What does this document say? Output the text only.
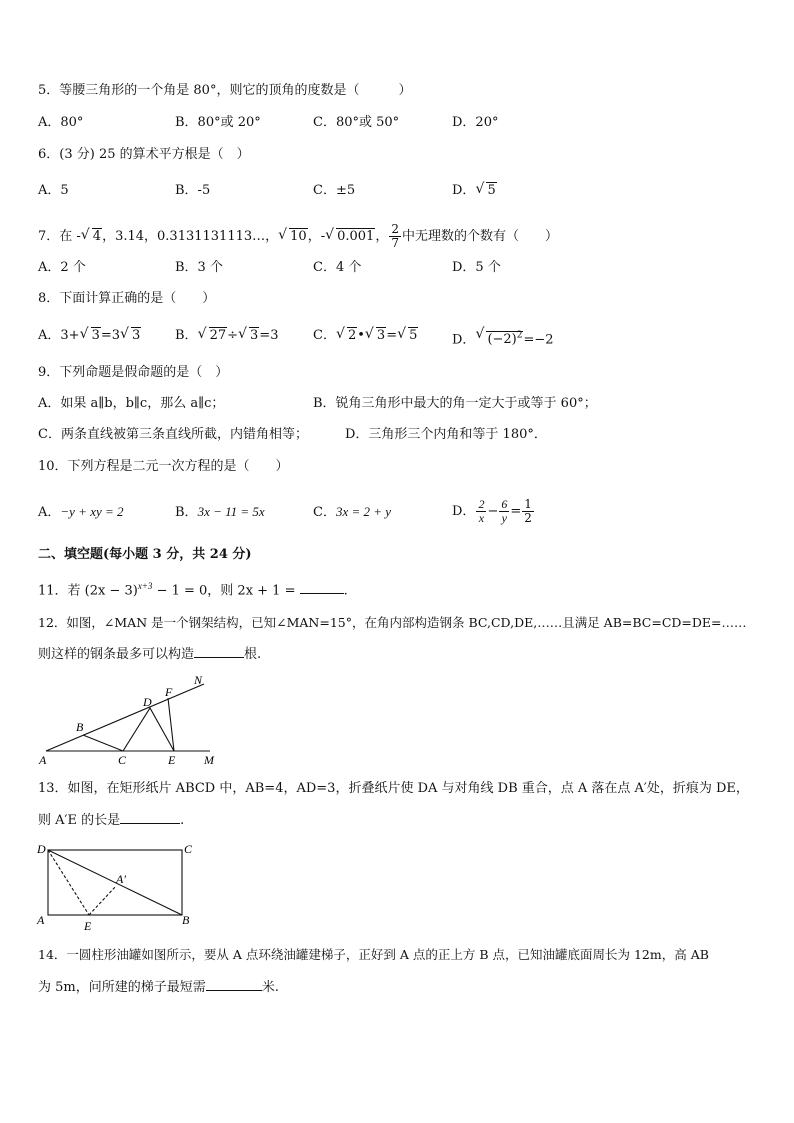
5．等腰三角形的一个角是 80°，则它的顶角的度数是（　　　）
A．80°	B．80°或 20°	C．80°或 50°	D．20°
6．(3 分) 25 的算术平方根是（　）
A．5	B．-5	C．±5	D． √ 5
7．在 - √ 4，3.14，0.3131131113…， √ 10，- √ 0.001， $\frac{2}{7}$ 中无理数的个数有（　　）
A．2 个	B．3 个	C．4 个	D．5 个
8．下面计算正确的是（　　）
A．3+ √ 3=3 √ 3	B． √ 27÷ √ 3=3	C． √ 2• √ 3= √ 5	D． √ $(-2)^2=-2$
9．下列命题是假命题的是（　）
A．如果 a∥b，b∥c，那么 a∥c；	B．锐角三角形中最大的角一定大于或等于 60°；
C．两条直线被第三条直线所截，内错角相等；	D．三角形三个内角和等于 180°．
10．下列方程是二元一次方程的是（　　）
A．−y + xy = 2	B．3x − 11 = 5x	C．3x = 2 + y	D． $\frac{2}{x} - \frac{6}{y} = \frac{1}{2}$
二、填空题(每小题 3 分，共 24 分)
11．若 $(2x - 3)^{x+3} - 1 = 0$，则 2x + 1 =	.
12．如图，∠MAN 是一个钢架结构，已知∠MAN=15°，在角内部构造钢条 BC,CD,DE,……且满足 AB=BC=CD=DE=……
则这样的钢条最多可以构造	根.
A
B
C
D
E
F
M
N
13．如图，在矩形纸片 ABCD 中，AB=4，AD=3，折叠纸片使 DA 与对角线 DB 重合，点 A 落在点 A′处，折痕为 DE，
则 A′E 的长是	.
D	C
A	B
E
A′
14．一圆柱形油罐如图所示，要从 A 点环绕油罐建梯子，正好到 A 点的正上方 B 点，已知油罐底面周长为 12m，高 AB
为 5m，问所建的梯子最短需	米.
